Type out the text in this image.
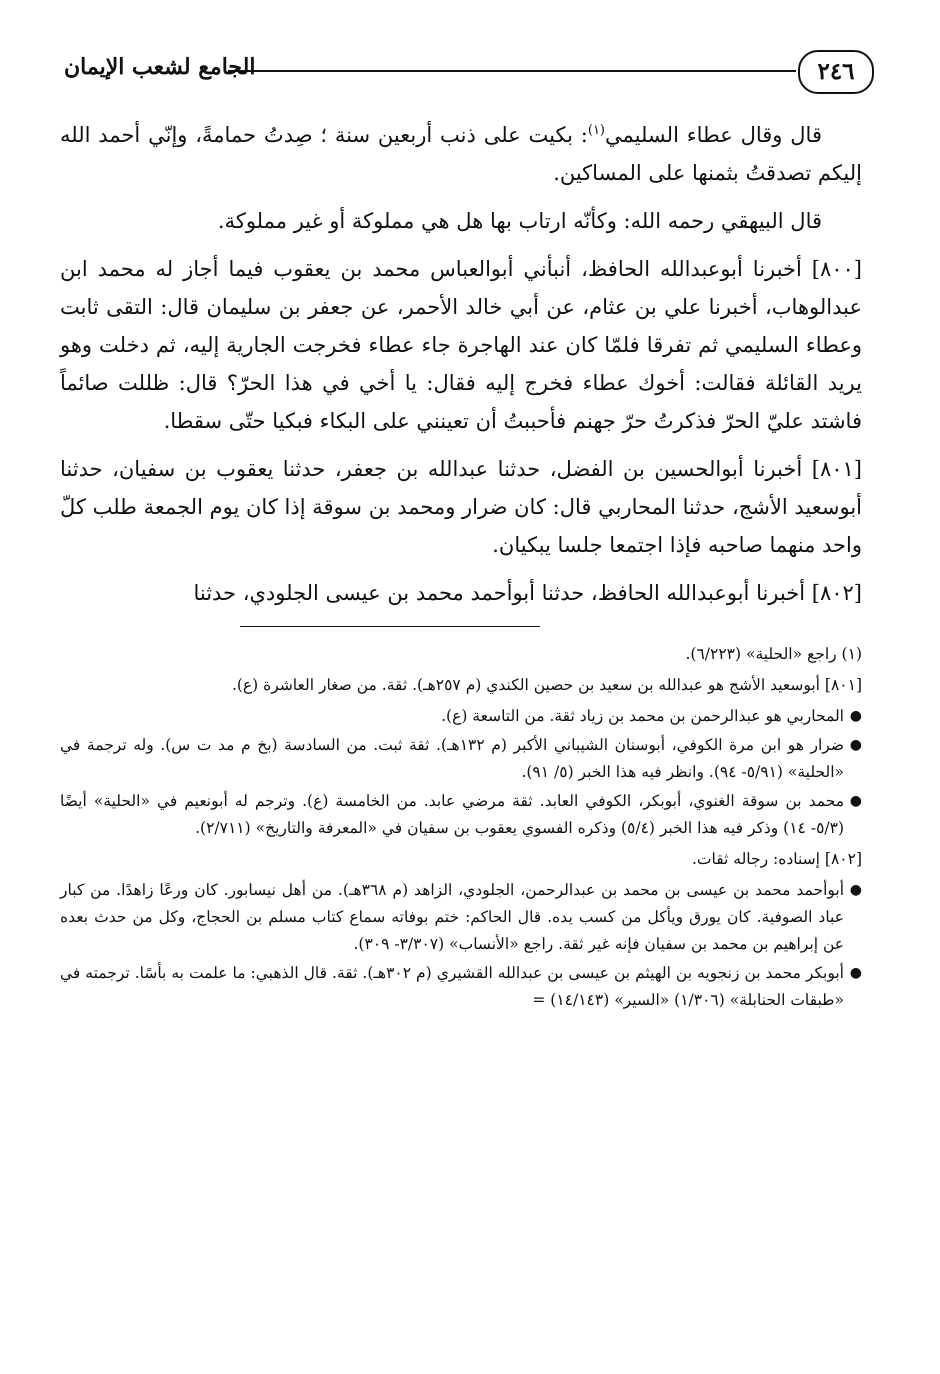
٢٤٦
الجامع لشعب الإيمان

قال وقال عطاء السليمي$^{(١)}$: بكيت على ذنب أربعين سنة ؛ صِدتُ حمامةً، وإنّي أحمد الله إليكم تصدقتُ بثمنها على المساكين.

قال البيهقي رحمه الله: وكأنّه ارتاب بها هل هي مملوكة أو غير مملوكة.

[٨٠٠] أخبرنا أبوعبدالله الحافظ، أنبأني أبوالعباس محمد بن يعقوب فيما أجاز له محمد ابن عبدالوهاب، أخبرنا علي بن عثام، عن أبي خالد الأحمر، عن جعفر بن سليمان قال: التقى ثابت وعطاء السليمي ثم تفرقا فلمّا كان عند الهاجرة جاء عطاء فخرجت الجارية إليه، ثم دخلت وهو يريد القائلة فقالت: أخوك عطاء فخرج إليه فقال: يا أخي في هذا الحرّ؟ قال: ظللت صائماً فاشتد عليّ الحرّ فذكرتُ حرّ جهنم فأحببتُ أن تعينني على البكاء فبكيا حتّى سقطا.

[٨٠١] أخبرنا أبوالحسين بن الفضل، حدثنا عبدالله بن جعفر، حدثنا يعقوب بن سفيان، حدثنا أبوسعيد الأشج، حدثنا المحاربي قال: كان ضرار ومحمد بن سوقة إذا كان يوم الجمعة طلب كلّ واحد منهما صاحبه فإذا اجتمعا جلسا يبكيان.

[٨٠٢] أخبرنا أبوعبدالله الحافظ، حدثنا أبوأحمد محمد بن عيسى الجلودي، حدثنا

(١) راجع «الحلية» (٦/٢٢٣).

[٨٠١] أبوسعيد الأشج هو عبدالله بن سعيد بن حصين الكندي (م ٢٥٧هـ). ثقة. من صغار العاشرة (ع).

●
المحاربي هو عبدالرحمن بن محمد بن زياد ثقة. من التاسعة (ع).
●
ضرار هو ابن مرة الكوفي، أبوسنان الشيباني الأكبر (م ١٣٢هـ). ثقة ثبت. من السادسة (بخ م مد ت س). وله ترجمة في «الحلية» (٥/٩١- ٩٤). وانظر فيه هذا الخبر (٥/ ٩١).
●
محمد بن سوقة الغنوي، أبوبكر، الكوفي العابد. ثقة مرضي عابد. من الخامسة (ع). وترجم له أبونعيم في «الحلية» أيضًا (٥/٣- ١٤) وذكر فيه هذا الخبر (٥/٤) وذكره الفسوي يعقوب بن سفيان في «المعرفة والتاريخ» (٢/٧١١).

[٨٠٢] إسناده: رجاله ثقات.

●
أبوأحمد محمد بن عيسى بن محمد بن عبدالرحمن، الجلودي، الزاهد (م ٣٦٨هـ). من أهل نيسابور. كان ورعًا زاهدًا. من كبار عباد الصوفية. كان يورق ويأكل من كسب يده. قال الحاكم: ختم بوفاته سماع كتاب مسلم بن الحجاج، وكل من حدث بعده عن إبراهيم بن محمد بن سفيان فإنه غير ثقة. راجع «الأنساب» (٣/٣٠٧- ٣٠٩).
●
أبوبكر محمد بن زنجويه بن الهيثم بن عيسى بن عبدالله القشيري (م ٣٠٢هـ). ثقة. قال الذهبي: ما علمت به بأسًا. ترجمته في «طبقات الحنابلة» (١/٣٠٦) «السير» (١٤/١٤٣) =
